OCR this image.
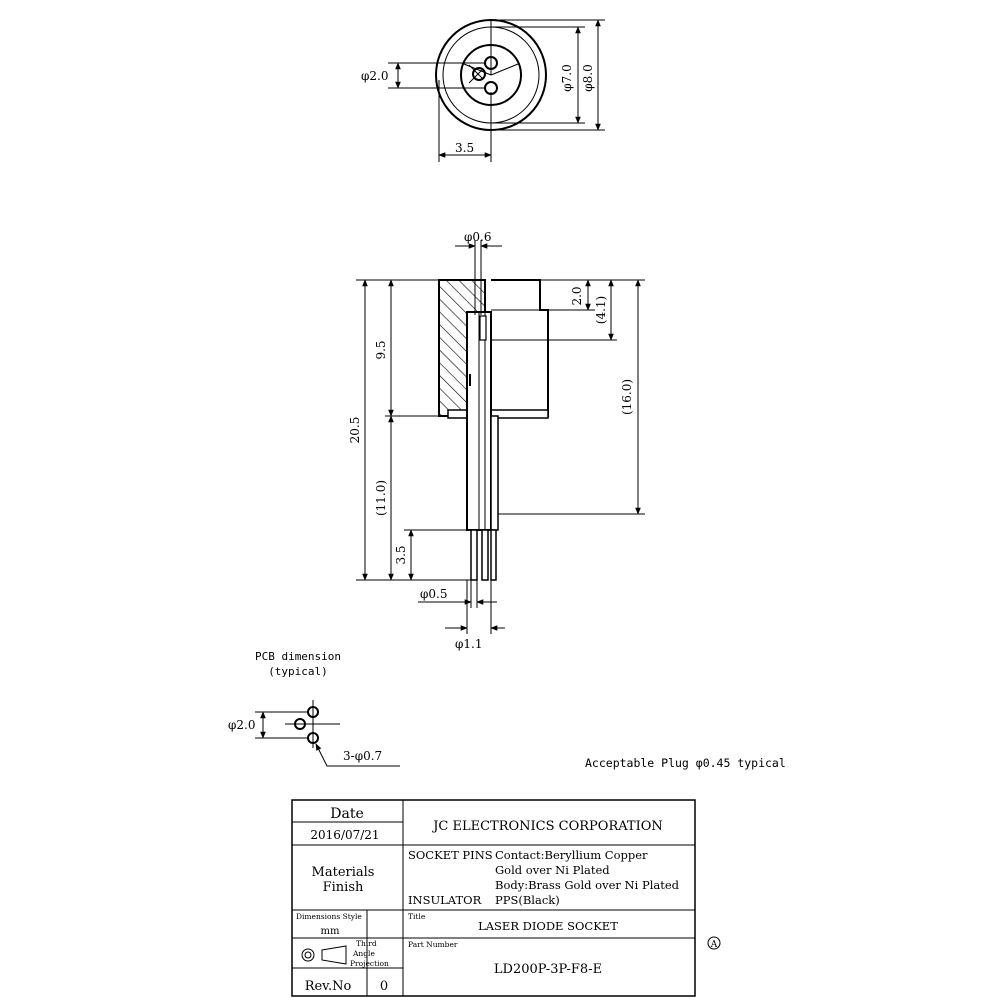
φ2.0	φ7.0 φ8.0
3.5
φ0.6
2.0 (4.1)
(16.0)
20.5
9.5
(11.0)
3.5
φ0.5
φ1.1
PCB dimension
(typical)
φ2.0
3-φ0.7	Acceptable Plug φ0.45 typical
Date
2016/07/21
JC ELECTRONICS CORPORATION
Materials
Finish
SOCKET PINS Contact:Beryllium Copper
Gold over Ni Plated
Body:Brass Gold over Ni Plated
INSULATOR PPS(Black)
Dimensions Style
mm
Title
LASER DIODE SOCKET
Third
Angle
Projection
Part Number
LD200P-3P-F8-E
Rev.No 0
A
